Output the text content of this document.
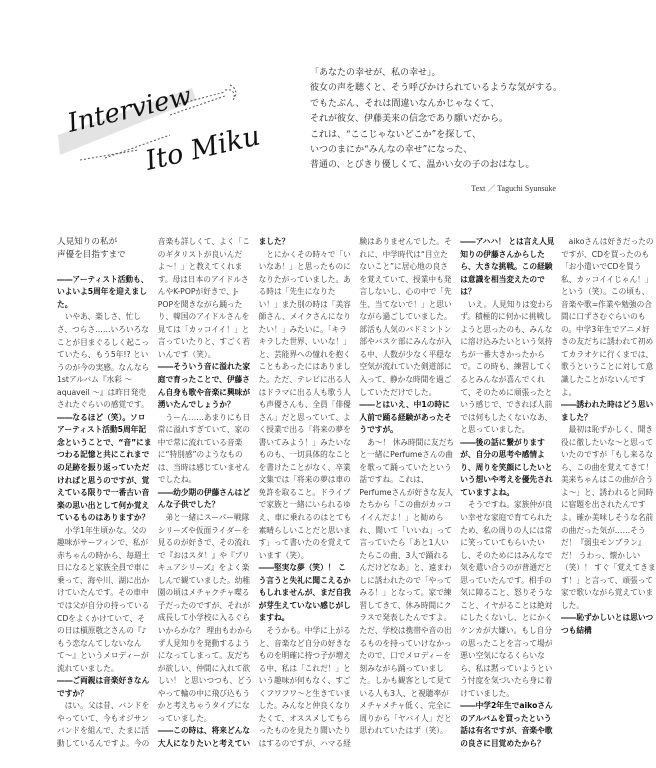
Interview
Ito Miku
「あなたの幸せが、私の幸せ」。
彼女の声を聴くと、そう呼びかけられているような気がする。
でもたぶん、それは間違いなんかじゃなくて、
それが彼女、伊藤美来の信念であり願いだから。
これは、“ここじゃないどこか”を探して、
いつのまにか“みんなの幸せ”になった、
普通の、とびきり優しくて、温かい女の子のおはなし。
Text ／ Taguchi Syunsuke
人見知りの私が
声優を目指すまで

――アーティスト活動も、いよいよ5周年を迎えました。

いやあ、楽しさ、忙しさ、つらさ……いろいろなことが目まぐるしく起こっていたら、もう5年!? というのが今の実感。なんなら1stアルバム『水彩 〜 aquaveil 〜』は昨日発売されたぐらいの感覚です。

――なるほど（笑）。ソロアーティスト活動5周年記念ということで、“音”にまつわる記憶と共にこれまでの足跡を振り返っていただければと思うのですが、覚えている限りで一番古い音楽の思い出として何か覚えているものはありますか？

小学1年生頃かな。父の趣味がサーフィンで、私が赤ちゃんの時から、毎週土日になると家族全員で車に乗って、海や川、湖に出かけていたんです。その車中では父が自分の持っているCDをよくかけていて、その日は槇原敬之さんの『♪もう恋なんてしないなんて〜』というメロディーが流れていました。

――ご両親は音楽好きなんですか？

はい。父は昔、バンドをやっていて、今もオジサンバンドを組んで、たまに活動しているんですよ。今の音楽も詳しくて、よく「このギタリストが良いんだよ〜！」と教えてくれます。母は日本のアイドルさんやK-POPが好きで、J-POPを聞きながら踊ったり、韓国のアイドルさんを見ては「カッコイイ！」と言っていたりと、すごく若いんです（笑）。

――そういう音に溢れた家庭で育ったことで、伊藤さん自身も歌や音楽に興味が湧いたんでしょうか？

うーん……あまりにも日常に溢れすぎていて、家の中で常に流れている音楽に“特別感”のようなものは、当時は感じていませんでしたね。

――幼少期の伊藤さんはどんな子供でした？

弟と一緒にスーパー戦隊シリーズや仮面ライダーを見るのが好きで、その流れで『おはスタ！』や『プリキュアシリーズ』をよく楽しんで観ていました。幼稚園の頃はメチャクチャ喋る子だったのですが、それが成長して小学校に入るぐらいからかな？ 理由もわからず人見知りを発動するようになってしまって。友だちが欲しい、仲間に入れて欲しい！ と思いつつも、どうやって輪の中に飛び込もうかと考えちゃうタイプになっていました。

――この時は、将来どんな大人になりたいと考えていました？

とにかくその時々で「いいなあ！」と思ったものになりたがっていました。ある時は「先生になりたい！」また別の時は「美容師さん、メイクさんになりたい！」みたいに。「キラキラした世界、いいな！」と、芸能界への憧れを抱くこともあったにはありました。ただ、テレビに出る人はドラマに出る人も歌う人も声優さんも、全員「俳優さん」だと思っていて、よく授業で出る「将来の夢を書いてみよう！」みたいなものも、一切具体的なことを書けたことがなく、卒業文集では「将来の夢は車の免許を取ること。ドライブで家族と一緒にいられるゆえ、車に乗れるのはとても素晴らしいことだと思います」って書いたのを覚えています（笑）。

――堅実な夢（笑）！ こう言うと失礼に聞こえるかもしれませんが、まだ自我が芽生えていない感じがしますね。

そうかも。中学に上がると、音楽など自分の好きなものを明確に持つ子が増える中、私は「これだ！」という趣味が何もなく、すごくフワフワ〜と生きていました。みんなと仲良くなりたくて、オススメしてもらったものを見たり聞いたりはするのですが、ハマる経験はありませんでした。それに、中学時代は“目立たないこと”に居心地の良さを覚えていて、授業中も発言しないし、心の中で「先生、当てないで！」と思いながら過ごしていました。部活も人気のバドミントン部やバスケ部にみんなが入る中、人数が少なく平穏な空気が流れていた剣道部に入って、静かな時間を過ごしていただけでした。

――とはいえ、中1の時に人前で踊る経験があったそうですが。

あ〜！ 休み時間に友だちと一緒にPerfumeさんの曲を歌って踊っていたという話ですね。これは、Perfumeさんが好きな友人たちから「この曲がカッコイイんだよ！」と勧められ、聞いて「いいね」って言っていたら「あと1人いたらこの曲、3人で踊れるんだけどなあ」と、遠まわしに誘われたので「やってみる！」となって。家で練習してきて、休み時間にクラスで発表したんですよ。ただ、学校は携帯や音の出るものを持っていけなかったので、口でメロディーを刻みながら踊っていました。しかも観客として見ている人も3人、と視聴率がメチャメチャ低く、完全に周りから「ヤバイ人」だと思われていたはず（笑）。

――アハハ！ とは言え人見知りの伊藤さんからしたら、大きな挑戦。この経験は意識を相当変えたのでは？

いえ。人見知りは変わらず。積極的に何かに挑戦しようと思ったのも、みんなに溶け込みたいという気持ちが一番大きかったからで。この時も、練習してくるとみんなが喜んでくれて、そのために頑張ったという感じで、できれば人前では何もしたくないなあ、と思っていました。

――後の話に繋がりますが、自分の思考や感情より、周りを笑顔にしたいという想いや考えを優先されていますよね。

そうですね。家族仲が良い幸せな家庭で育てられたため、私の周りの人には常に笑っていてもらいたいし、そのためにはみんなで気を遣い合うのが普通だと思っていたんです。相手の気に障ること、怒りそうなこと、イヤがることは絶対にしたくないし、とにかくケンカが大嫌い。もし自分の思ったことを言って場が悪い空気になるくらいなら、私は黙っていようという忖度を気づいたら身に着けていました。

――中学2年生でaikoさんのアルバムを買ったという話は有名ですが、音楽や歌の良さに目覚めたから？

aikoさんは好きだったのですが、CDを買ったのも「お小遣いでCDを買う私、カッコイイじゃん！」という（笑）。この頃も、音楽や歌=作業や勉強の合間に口ずさむぐらいのもの。中学3年生でアニメ好きの友だちに誘われて初めてカラオケに行くまでは、歌うということに対して意識したことがないんですよ。

――誘われた時はどう思いました？

最初は恥ずかしく、聞き役に徹したいな〜と思っていたのですが「もし来るなら、この曲を覚えてきて！ 美来ちゃんはこの曲が合うよ〜」と、誘われると同時に宿題を出されたんですよ。確か美味しそうな名前の曲だった気が……そうだ！『弱虫モンブラン』だ！ うわっ、懐かしい（笑）！ すぐ「覚えてきます！」と言って、頑張って家で歌いながら覚えていました。

――恥ずかしいとは思いつつも結構
